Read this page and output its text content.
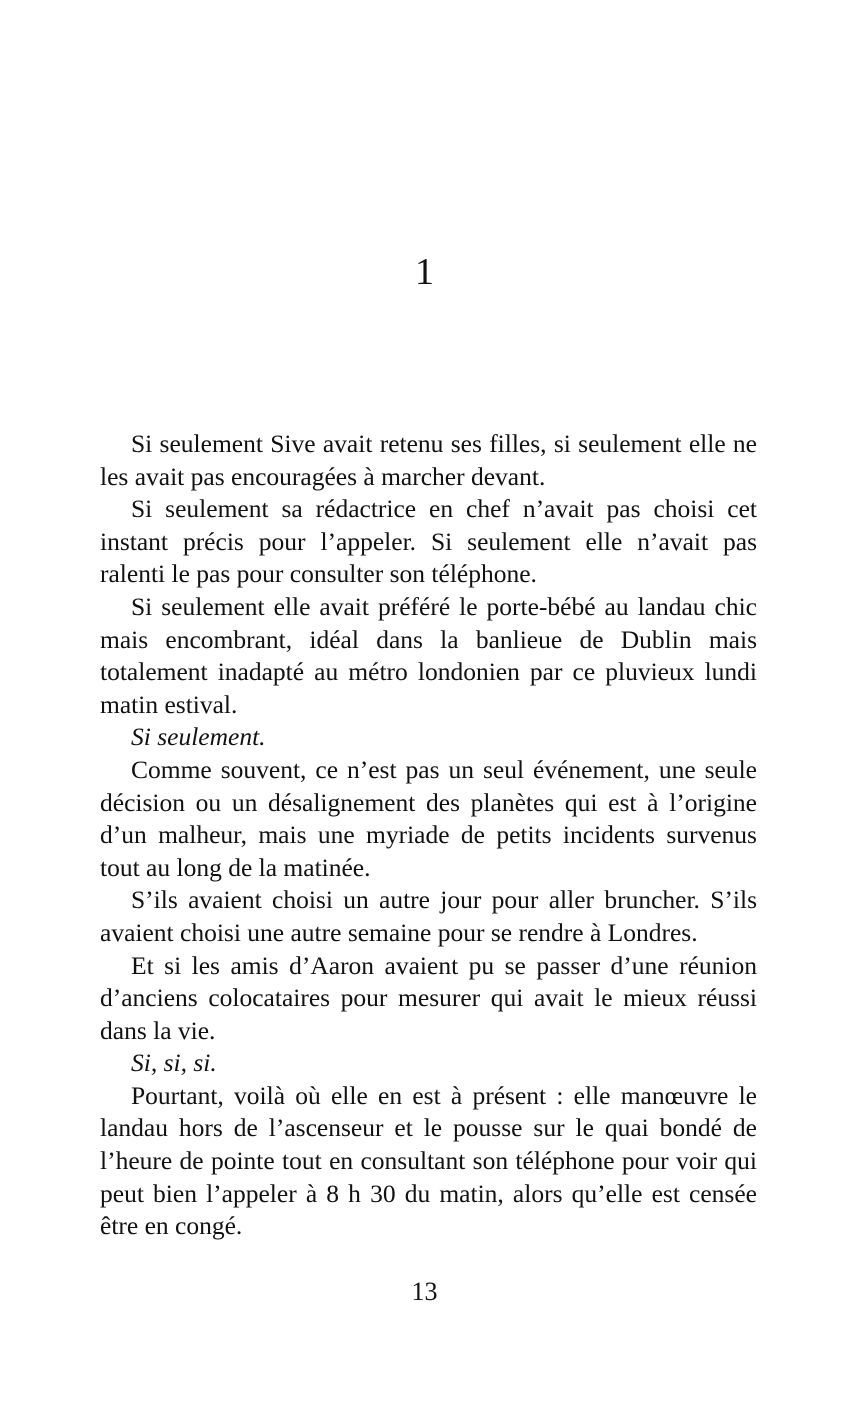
1

Si seulement Sive avait retenu ses filles, si seulement elle ne les avait pas encouragées à marcher devant.

Si seulement sa rédactrice en chef n’avait pas choisi cet instant précis pour l’appeler. Si seulement elle n’avait pas ralenti le pas pour consulter son téléphone.

Si seulement elle avait préféré le porte-bébé au landau chic mais encombrant, idéal dans la banlieue de Dublin mais totalement inadapté au métro londonien par ce pluvieux lundi matin estival.

Si seulement.

Comme souvent, ce n’est pas un seul événement, une seule décision ou un désalignement des planètes qui est à l’origine d’un malheur, mais une myriade de petits incidents survenus tout au long de la matinée.

S’ils avaient choisi un autre jour pour aller bruncher. S’ils avaient choisi une autre semaine pour se rendre à Londres.

Et si les amis d’Aaron avaient pu se passer d’une réunion d’anciens colocataires pour mesurer qui avait le mieux réussi dans la vie.

Si, si, si.

Pourtant, voilà où elle en est à présent : elle manœuvre le landau hors de l’ascenseur et le pousse sur le quai bondé de l’heure de pointe tout en consultant son téléphone pour voir qui peut bien l’appeler à 8 h 30 du matin, alors qu’elle est censée être en congé.

13
